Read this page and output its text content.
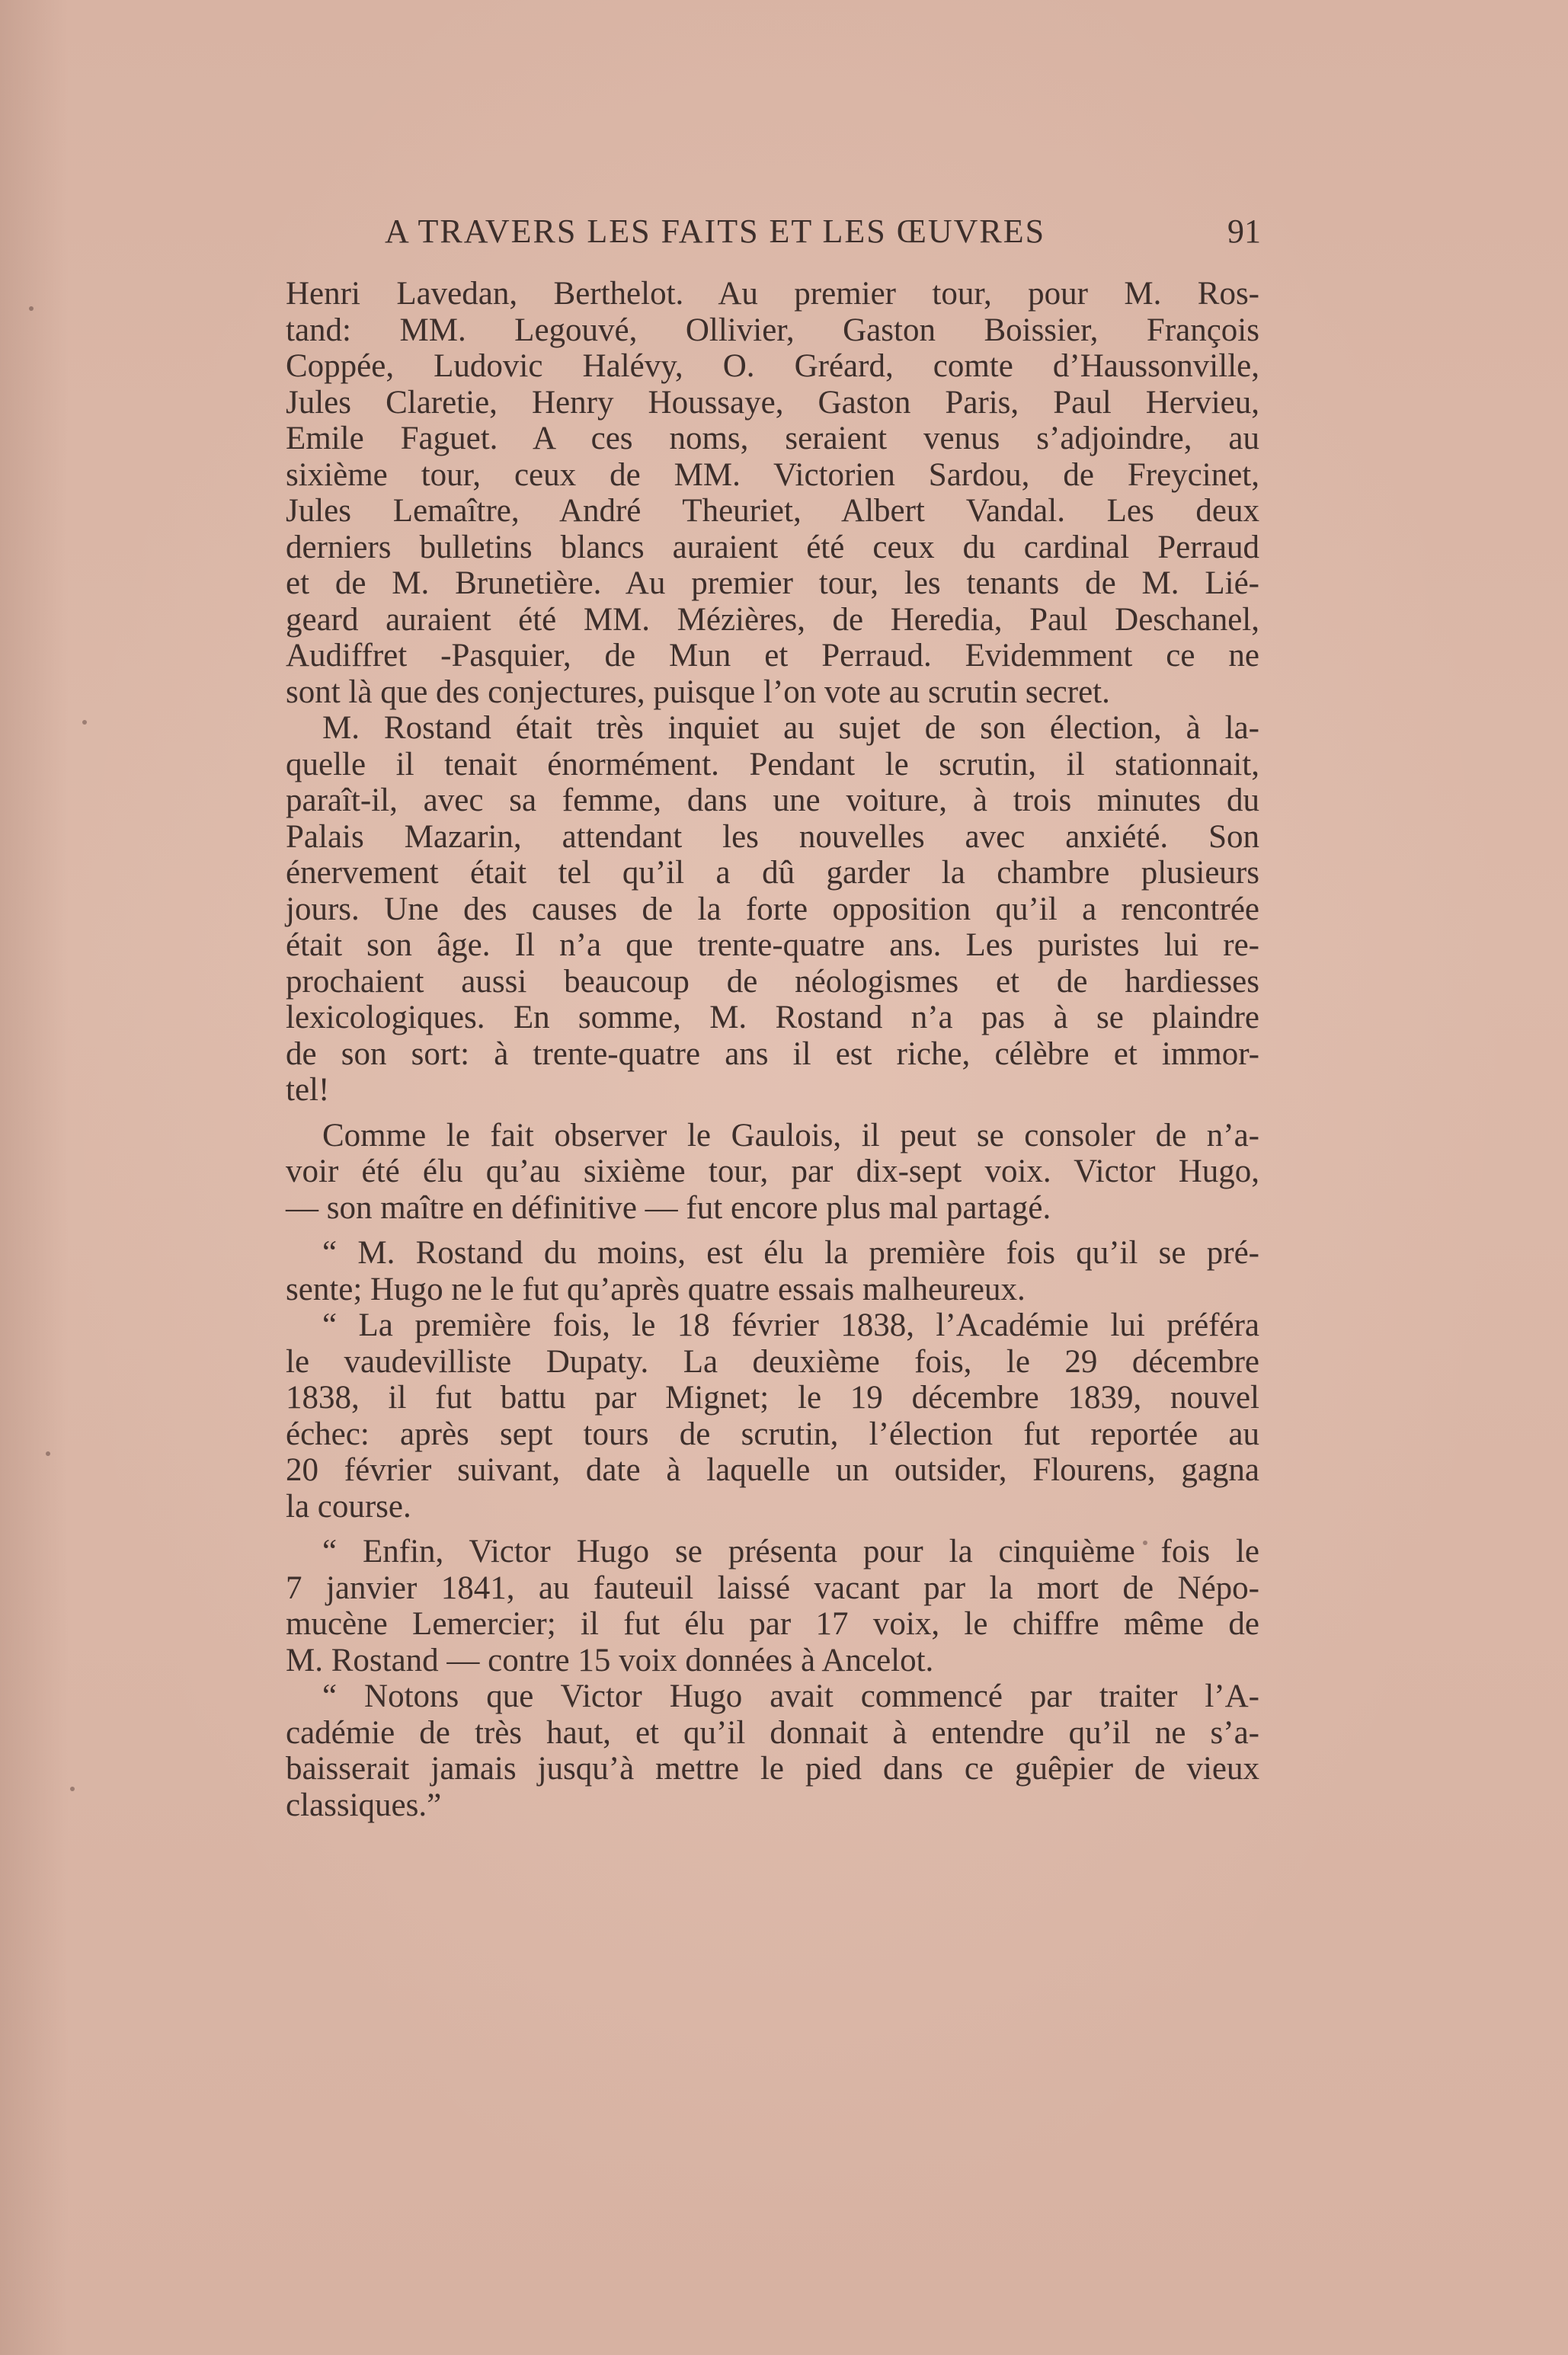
A TRAVERS LES FAITS ET LES ŒUVRES	91
Henri Lavedan, Berthelot. Au premier tour, pour M. Ros-
tand: MM. Legouvé, Ollivier, Gaston Boissier, François
Coppée, Ludovic Halévy, O. Gréard, comte d’Haussonville,
Jules Claretie, Henry Houssaye, Gaston Paris, Paul Hervieu,
Emile Faguet. A ces noms, seraient venus s’adjoindre, au
sixième tour, ceux de MM. Victorien Sardou, de Freycinet,
Jules Lemaître, André Theuriet, Albert Vandal. Les deux
derniers bulletins blancs auraient été ceux du cardinal Perraud
et de M. Brunetière. Au premier tour, les tenants de M. Lié-
geard auraient été MM. Mézières, de Heredia, Paul Deschanel,
Audiffret -Pasquier, de Mun et Perraud. Evidemment ce ne
sont là que des conjectures, puisque l’on vote au scrutin secret.
M. Rostand était très inquiet au sujet de son élection, à la-
quelle il tenait énormément. Pendant le scrutin, il stationnait,
paraît-il, avec sa femme, dans une voiture, à trois minutes du
Palais Mazarin, attendant les nouvelles avec anxiété. Son
énervement était tel qu’il a dû garder la chambre plusieurs
jours. Une des causes de la forte opposition qu’il a rencontrée
était son âge. Il n’a que trente-quatre ans. Les puristes lui re-
prochaient aussi beaucoup de néologismes et de hardiesses
lexicologiques. En somme, M. Rostand n’a pas à se plaindre
de son sort: à trente-quatre ans il est riche, célèbre et immor-
tel!
Comme le fait observer le Gaulois, il peut se consoler de n’a-
voir été élu qu’au sixième tour, par dix-sept voix. Victor Hugo,
— son maître en définitive — fut encore plus mal partagé.
“ M. Rostand du moins, est élu la première fois qu’il se pré-
sente; Hugo ne le fut qu’après quatre essais malheureux.
“ La première fois, le 18 février 1838, l’Académie lui préféra
le vaudevilliste Dupaty. La deuxième fois, le 29 décembre
1838, il fut battu par Mignet; le 19 décembre 1839, nouvel
échec: après sept tours de scrutin, l’élection fut reportée au
20 février suivant, date à laquelle un outsider, Flourens, gagna
la course.
“ Enfin, Victor Hugo se présenta pour la cinquième fois le
7 janvier 1841, au fauteuil laissé vacant par la mort de Népo-
mucène Lemercier; il fut élu par 17 voix, le chiffre même de
M. Rostand — contre 15 voix données à Ancelot.
“ Notons que Victor Hugo avait commencé par traiter l’A-
cadémie de très haut, et qu’il donnait à entendre qu’il ne s’a-
baisserait jamais jusqu’à mettre le pied dans ce guêpier de vieux
classiques.”
